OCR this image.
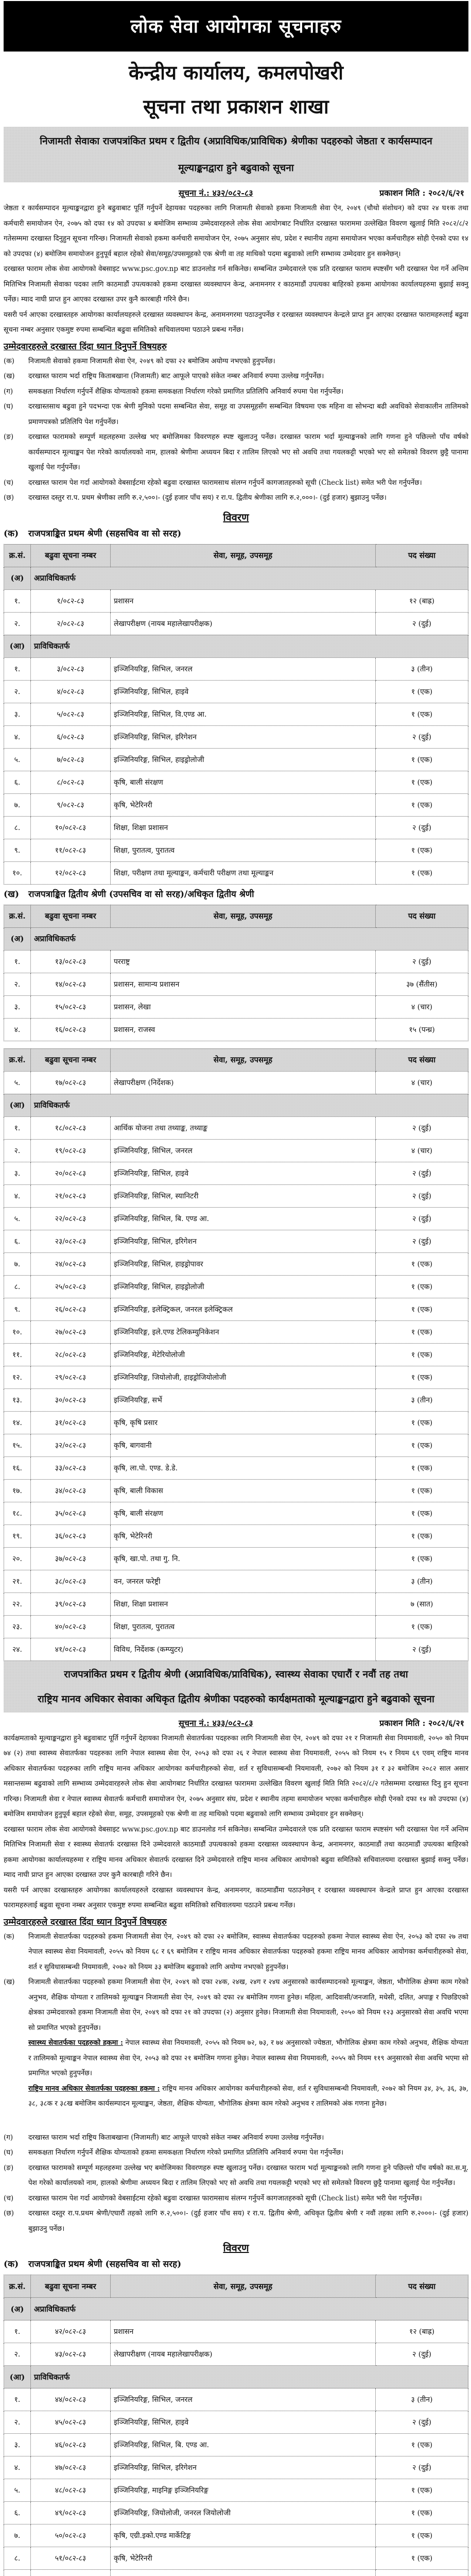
लोक सेवा आयोगका सूचनाहरु
केन्द्रीय कार्यालय, कमलपोखरी
सूचना तथा प्रकाशन शाखा
निजामती सेवाका राजपत्रांकित प्रथम र द्वितीय (अप्राविधिक/प्राविधिक) श्रेणीका पदहरुको जेष्ठता र कार्यसम्पादन
मूल्याङ्कनद्वारा हुने बढुवाको सूचना
सूचना नं.: ४३२/०८२-८३	प्रकाशन मिति : २०८२/६/२१

जेष्ठता र कार्यसम्पादन मूल्याङ्कनद्वारा हुने बढुवाबाट पूर्ति गर्नुपर्ने देहायका पदहरुका लागि निजामती सेवाको हकमा निजामती सेवा ऐन, २०४९ (चौथो संशोधन) को दफा २४ घ१क तथा कर्मचारी समायोजन ऐन, २०७५ को दफा १४ को उपदफा ४ बमोजिम सम्भाव्य उम्मेदवारहरुले लोक सेवा आयोगबाट निर्धारित दरखास्त फाराममा उल्लेखित विवरण खुलाई मिति २०८२/८/२ गतेसम्ममा दरखास्त दिनुहुन सूचना गरिन्छ। निजामती सेवाको हकमा कर्मचारी समायोजन ऐन, २०७५ अनुसार संघ, प्रदेश र स्थानीय तहमा समायोजन भएका कर्मचारीहरु सोही ऐनको दफा १४ को उपदफा (४) बमोजिम समायोजन हुनुपूर्व बहाल रहेको सेवा/समूह/उपसमूहको एक श्रेणी वा तह माथिको पदमा बढुवाको लागि सम्भाव्य उम्मेदवार हुन सक्नेछन्।

दरखास्त फाराम लोक सेवा आयोगको वेबसाइट www.psc.gov.np बाट डाउनलोड गर्न सकिनेछ। सम्बन्धित उम्मेदवारले एक प्रति दरखास्त फाराम स्पष्टसँग भरी दरखास्त पेश गर्ने अन्तिम मितिभित्र निजामती सेवाका पदका लागि काठमाडौं उपत्यकाको हकमा दरखास्त व्यवस्थापन केन्द्र, अनामनगर र काठमाडौं उपत्यका बाहिरको हकमा आयोगका कार्यालयहरुमा बुझाई सक्नु पर्नेछ। म्याद नाघी प्राप्त हुन आएका दरखास्त उपर कुनै कारबाही गरिने छैन।

यसरी पर्न आएका दरखास्तहरु आयोगका कार्यालयहरुले दरखास्त व्यवस्थापन केन्द्र, अनामनगरमा पठाउनुपर्नेछ र दरखास्त व्यवस्थापन केन्द्रले प्राप्त हुन आएका दरखास्त फारामहरुलाई बढुवा सूचना नम्बर अनुसार एकमुष्ट रुपमा सम्बन्धित बढुवा समितिको सचिवालयमा पठाउने प्रबन्ध गर्नेछ।

उम्मेदवारहरुले दरखास्त दिंदा ध्यान दिनुपर्ने विषयहरु
(क)	निजामती सेवाको हकमा निजामती सेवा ऐन, २०४९ को दफा २२ बमोजिम अयोग्य नभएको हुनुपर्नेछ।
(ख)	दरखास्त फाराम भर्दा राष्ट्रिय किताबखाना (निजामती) बाट आफूले पाएको संकेत नम्बर अनिवार्य रुपमा उल्लेख गर्नुपर्नेछ।
(ग)	समकक्षता निर्धारण गर्नुपर्ने शैक्षिक योग्यताको हकमा समकक्षता निर्धारण गरेको प्रमाणित प्रतिलिपि अनिवार्य रुपमा पेश गर्नुपर्नेछ।
(घ)	दरखास्तसाथ बढुवा हुने पदभन्दा एक श्रेणी मुनिको पदमा सम्बन्धित सेवा, समूह वा उपसमूहसँग सम्बन्धित विषयमा एक महिना वा सोभन्दा बढी अवधिको सेवाकालीन तालिमको प्रमाणपत्रको प्रतिलिपि पेश गर्नुपर्नेछ।
(ङ)	दरखास्त फारामको सम्पूर्ण महलहरुमा उल्लेख भए बमोजिमका विवरणहरु स्पष्ट खुलाउनु पर्नेछ। दरखास्त फाराम भर्दा मूल्याङ्कनको लागि गणना हुने पछिल्लो पाँच वर्षको कार्यसम्पादन मूल्याङ्कन पेश गरेको कार्यालयको नाम, हालको श्रेणीमा अध्ययन बिदा र तालिम लिएको भए सो अवधि तथा गयलकट्टी भएको भए सो समेतको विवरण छुट्टै पानामा खुलाई पेश गर्नुपर्नेछ।
(च)	दरखास्त फाराम पेश गर्दा आयोगको वेबसाईटमा रहेको बढुवा दरखास्त फारामसाथ संलग्न गर्नुपर्ने कागजातहरुको सूची (Check list) समेत भरी पेश गर्नुपर्नेछ।
(छ)	दरखास्त दस्तुर रा.प. प्रथम श्रेणीका लागि रु.२,५००।- (दुई हजार पाँच सय) र रा.प. द्वितीय श्रेणीका लागि रु.२,०००।- (दुई हजार) बुझाउनु पर्नेछ।
विवरण
(क)	राजपत्राङ्कित प्रथम श्रेणी (सहसचिव वा सो सरह)
क्र.सं.	बढुवा सूचना नम्बर	सेवा, समूह, उपसमूह	पद संख्या
(अ)	अप्राविधिकतर्फ		
१.	१/०८२-८३	प्रशासन	१२ (बाह्र)
२.	२/०८२-८३	लेखापरीक्षण (नायब महालेखापरीक्षक)	२ (दुई)
(आ)	प्राविधिकतर्फ		
१.	३/०८२-८३	इञ्जिनियरिङ्ग, सिभिल, जनरल	३ (तीन)
२.	४/०८२-८३	इञ्जिनियरिङ्ग, सिभिल, हाइवे	१ (एक)
३.	५/०८२-८३	इञ्जिनियरिङ्ग, सिभिल, वि.एण्ड आ.	१ (एक)
४.	६/०८२-८३	इञ्जिनियरिङ्ग, सिभिल, इरिगेशन	२ (दुई)
५.	७/०८२-८३	इञ्जिनियरिङ्ग, सिभिल, हाइड्रोलोजी	१ (एक)
६.	८/०८२-८३	कृषि, बाली संरक्षण	१ (एक)
७.	९/०८२-८३	कृषि, भेटेरिनरी	१ (एक)
८.	१०/०८२-८३	शिक्षा, शिक्षा प्रशासन	२ (दुई)
९.	११/०८२-८३	शिक्षा, पुरातत्व, पुरातत्व	१ (एक)
१०.	१२/०८२-८३	शिक्षा, परीक्षण तथा मूल्याङ्कन, कर्मचारी परीक्षण तथा मूल्याङ्कन	१ (एक)
(ख)	राजपत्राङ्कित द्वितीय श्रेणी (उपसचिव वा सो सरह)/अधिकृत द्वितीय श्रेणी
क्र.सं.	बढुवा सूचना नम्बर	सेवा, समूह, उपसमूह	पद संख्या
(अ)	अप्राविधिकतर्फ		
१.	१३/०८२-८३	परराष्ट्र	२ (दुई)
२.	१४/०८२-८३	प्रशासन, सामान्य प्रशासन	३७ (सैंतीस)
३.	१५/०८२-८३	प्रशासन, लेखा	४ (चार)
४.	१६/०८२-८३	प्रशासन, राजस्व	१५ (पन्ध्र)
क्र.सं.	बढुवा सूचना नम्बर	सेवा, समूह, उपसमूह	पद संख्या
५.	१७/०८२-८३	लेखापरीक्षण (निर्देशक)	४ (चार)
(आ)	प्राविधिकतर्फ		
१.	१८/०८२-८३	आर्थिक योजना तथा तथ्याङ्क, तथ्याङ्क	२ (दुई)
२.	१९/०८२-८३	इञ्जिनियरिङ्ग, सिभिल, जनरल	४ (चार)
३.	२०/०८२-८३	इञ्जिनियरिङ्ग, सिभिल, हाइवे	२ (दुई)
४.	२१/०८२-८३	इञ्जिनियरिङ्ग, सिभिल, स्यानिटरी	२ (दुई)
५.	२२/०८२-८३	इञ्जिनियरिङ्ग, सिभिल, बि. एण्ड आ.	२ (दुई)
६.	२३/०८२-८३	इञ्जिनियरिङ्ग, सिभिल, इरिगेशन	२ (दुई)
७.	२४/०८२-८३	इञ्जिनियरिङ्ग, सिभिल, हाइड्रोपावर	१ (एक)
८.	२५/०८२-८३	इञ्जिनियरिङ्ग, सिभिल, हाइड्रोलोजी	१ (एक)
९.	२६/०८२-८३	इञ्जिनियरिङ्ग, इलेक्ट्रिकल, जनरल इलेक्ट्रिकल	१ (एक)
१०.	२७/०८२-८३	इञ्जिनियरिङ्ग, इले.एण्ड टेलिकम्युनिकेशन	१ (एक)
११.	२८/०८२-८३	इञ्जिनियरिङ्ग, मेटेरियोलोजी	१ (एक)
१२.	२९/०८२-८३	इञ्जिनियरिङ्ग, जियोलोजी, हाइड्रोजियोलोजी	१ (एक)
१३.	३०/०८२-८३	इञ्जिनियरिङ्ग, सर्भे	३ (तीन)
१४.	३१/०८२-८३	कृषि, कृषि प्रसार	१ (एक)
१५.	३२/०८२-८३	कृषि, बागवानी	१ (एक)
१६.	३३/०८२-८३	कृषि, ला.पो. एण्ड. डे.डे.	१ (एक)
१७.	३४/०८२-८३	कृषि, बाली विकास	१ (एक)
१८.	३५/०८२-८३	कृषि, बाली संरक्षण	१ (एक)
१९.	३६/०८२-८३	कृषि, भेटेरिनरी	१ (एक)
२०.	३७/०८२-८३	कृषि, खा.पो. तथा गु. नि.	१ (एक)
२१.	३८/०८२-८३	वन, जनरल फरेष्ट्री	३ (तीन)
२२.	३९/०८२-८३	शिक्षा, शिक्षा प्रशासन	७ (सात)
२३.	४०/०८२-८३	शिक्षा, पुरातत्व, पुरातत्व	१ (एक)
२४.	४१/०८२-८३	विविध, निर्देशक (कम्प्युटर)	२ (दुई)
राजपत्रांकित प्रथम र द्वितीय श्रेणी (अप्राविधिक/प्राविधिक), स्वास्थ्य सेवाका एघारौं र नवौं तह तथा
राष्ट्रिय मानव अधिकार सेवाका अधिकृत द्वितीय श्रेणीका पदहरुको कार्यक्षमताको मूल्याङ्कनद्वारा हुने बढुवाको सूचना
सूचना नं.: ४३३/०८२-८३	प्रकाशन मिति : २०८२/६/२१

कार्यक्षमताको मूल्याङ्कनद्वारा हुने बढुवाबाट पूर्ति गर्नुपर्ने देहायका निजामती सेवातर्फका पदहरुका लागि निजामती सेवा ऐन, २०४९ को दफा २१ र निजामती सेवा नियमावली, २०५० को नियम ७४ (२) तथा स्वास्थ्य सेवातर्फका पदहरुका लागि नेपाल स्वास्थ्य सेवा ऐन, २०५३ को दफा २६ र नेपाल स्वास्थ्य सेवा नियमावली, २०५५ को नियम १५ र नियम ६९ एवम् राष्ट्रिय मानव अधिकार सेवातर्फका पदहरुका लागि राष्ट्रिय मानव अधिकार आयोगका कर्मचारीहरुको सेवा, शर्त र सुविधासम्बन्धी नियमावली, २०७२ को नियम ३१ र ३२ बमोजिम २०८२ साल असार मसान्तसम्म बढुवाको लागि सम्भाव्य उम्मेदवारहरुले लोक सेवा आयोगबाट निर्धारित दरखास्त फाराममा उल्लेखित विवरण खुलाई मिति मिति २०८२/८/२ गतेसम्ममा दरखास्त दिनु हुन सूचना गरिन्छ। निजामती सेवा र नेपाल स्वास्थ्य सेवातर्फ कर्मचारी समायोजन ऐन, २०७५ अनुसार संघ, प्रदेश र स्थानीय तहमा समायोजन भएका कर्मचारीहरु सोही ऐनको दफा १४ को उपदफा (४) बमोजिम समायोजन हुनुपूर्व बहाल रहेको सेवा, समूह, उपसमूहको एक श्रेणी वा तह माथिको पदमा बढुवाको लागि सम्भाव्य उम्मेदवार हुन सक्नेछन्।

दरखास्त फाराम लोक सेवा आयोगको वेबसाइट www.psc.gov.np बाट डाउनलोड गर्न सकिनेछ। सम्बन्धित उम्मेदवारले एक प्रति दरखास्त फाराम स्पष्टसंग भरी दरखास्त पेश गर्ने अन्तिम मितिभित्र निजामती सेवा र स्वास्थ्य सेवातर्फ दरखास्त दिने उम्मेदवारले काठमाडौं उपत्यकाको हकमा दरखास्त व्यवस्थापन केन्द्र, अनामनगर, काठमाडौं तथा काठमाडौं उपत्यका बाहिरको हकमा आयोगका कार्यालयहरुमा र राष्ट्रिय मानव अधिकार सेवातर्फ दरखास्त दिने उम्मेदवारले राष्ट्रिय मानव अधिकार आयोगको बढुवा समितिको सचिवालयमा दरखास्त बुझाई सक्नु पर्नेछ। म्याद नाघी प्राप्त हुन आएका दरखास्त उपर कुनै कारबाही गरिने छैन।

यसरी पर्न आएका दरखास्तहरु आयोगका कार्यालयहरुले दरखास्त व्यवस्थापन केन्द्र, अनामनगर, काठमाडौंमा पठाउनेछन् र दरखास्त व्यवस्थापन केन्द्रले प्राप्त हुन आएका दरखास्त फारामहरुलाई बढुवा सूचना नम्बर अनुसार एकमुष्ट रुपमा सम्बन्धित बढुवा समितिको सचिवालयमा पठाउने प्रबन्ध गर्नेछ।

उम्मेदवारहरुले दरखास्त दिंदा ध्यान दिनुपर्ने विषयहरु
(क)	निजामती सेवातर्फका पदहरुको हकमा निजामती सेवा ऐन, २०४९ को दफा २२ बमोजिम, स्वास्थ्य सेवातर्फका पदहरुको हकमा नेपाल स्वास्थ्य सेवा ऐन, २०५३ को दफा २७ तथा नेपाल स्वास्थ्य सेवा नियमावली, २०५५ को नियम ६८ र ६९ बमोजिम र राष्ट्रिय मानव अधिकार सेवातर्फका पदहरुको हकमा राष्ट्रिय मानव अधिकार आयोगका कर्मचारीहरुको सेवा, शर्त र सुविधासम्बन्धी नियमावली, २०७२ को नियम ३३ बमोजिम बढुवाको लागि अयोग्य नभएको हुनुपर्नेछ।
(ख)	निजामती सेवातर्फका पदहरुको हकमा निजामती सेवा ऐन, २०४९ को दफा २४क, २४ख, २४ग र २४घ अनुसारको कार्यसम्पादनको मूल्याङ्कन, जेष्ठता, भौगोलिक क्षेत्रमा काम गरेको अनुभव, शैक्षिक योग्यता र तालिमको मूल्याङ्कन निजामती सेवा ऐन, २०४९ को दफा २४ बमोजिम गणना हुनेछ। महिला, आदिवासी/जनजाति, मधेसी, दलित, अपाङ्ग र पिछडिएको क्षेत्रका उम्मेदवारको हकमा निजामती सेवा ऐन, २०४९ को दफा २१ को उपदफा (२) अनुसार हुनेछ। निजामती सेवा नियमावली, २०५० को नियम १२३ अनुसारको सेवा अवधि भएमा सो प्रमाणित भएको हुनुपर्नेछ।
स्वास्थ्य सेवातर्फका पदहरुको हकमा : नेपाल स्वास्थ्य सेवा नियमावली, २०५५ को नियम ७२, ७३, र ७४ अनुसारको ज्येष्ठता, भौगोलिक क्षेत्रमा काम गरेको अनुभव, शैक्षिक योग्यता र तालिमको मूल्याङ्कन नेपाल स्वास्थ्य सेवा ऐन, २०५३ को दफा २१ बमोजिम गणना हुनेछ। नेपाल स्वास्थ्य सेवा नियमावली, २०५५ को नियम ११९ अनुसारको सेवा अवधि भएमा सो प्रमाणित भएको हुनुपर्नेछ।
राष्ट्रिय मानव अधिकार सेवातर्फका पदहरुका हकमा : राष्ट्रिय मानव अधिकार आयोगका कर्मचारीहरुको सेवा, शर्त र सुविधासम्बन्धी नियमावली, २०७२ को नियम ३४, ३५, ३६, ३७, ३८, ३८क र ३८ख बमोजिम कार्यसम्पादन मूल्याङ्कन, जेष्ठता, शैक्षिक योग्यता, भौगोलिक क्षेत्रमा काम गरेको अनुभव र तालिमको अंक गणना हुनेछ।
(ग)	दरखास्त फाराम भर्दा राष्ट्रिय किताबखाना (निजामती) बाट आफूले पाएको संकेत नम्बर अनिवार्य रुपमा उल्लेख गर्नुपर्नेछ।
(घ)	समकक्षता निर्धारण गर्नुपर्ने शैक्षिक योग्यताको हकमा समकक्षता निर्धारण गरेको प्रमाणित प्रतिलिपि अनिवार्य रुपमा पेश गर्नुपर्नेछ।
(ङ)	दरखास्त फारामको सम्पूर्ण महलहरुमा उल्लेख भए बमोजिमका विवरणहरु स्पष्ट खुलाउनु पर्नेछ। दरखास्त फाराम भर्दा मूल्याङ्कनको लागि गणना हुने पछिल्लो पाँच वर्षको का.स.मू. पेश गरेको कार्यालयको नाम, हालको श्रेणीमा अध्ययन बिदा र तालिम लिएको भए सो अवधि तथा गयलकट्टी भएको भए सो समेतको विवरण छुट्टै पानामा खुलाई पेश गर्नुपर्नेछ।
(च)	दरखास्त फाराम पेश गर्दा आयोगको वेबसाईटमा रहेको बढुवा दरखास्त फारामसाथ संलग्न गर्नुपर्ने कागजातहरुको सूची (Check list) समेत भरी पेश गर्नुपर्नेछ।
(छ)	दरखास्त दस्तुर रा.प.प्रथम श्रेणी/एघारौं तहको लागि रु.२,५००।- (दुई हजार पाँच सय) र रा.प. द्वितीय श्रेणी, अधिकृत द्वितीय श्रेणी र नवौं तहका लागि रु.२०००।- (दुई हजार) बुझाउनु पर्नेछ।
विवरण
(क)	राजपत्राङ्कित प्रथम श्रेणी (सहसचिव वा सो सरह)
क्र.सं.	बढुवा सूचना नम्बर	सेवा, समूह, उपसमूह	पद संख्या
(अ)	अप्राविधिकतर्फ		
१.	४२/०८२-८३	प्रशासन	१२ (बाह्र)
२.	४३/०८२-८३	लेखापरीक्षण (नायब महालेखापरीक्षक)	२ (दुई)
(आ)	प्राविधिकतर्फ		
१.	४४/०८२-८३	इञ्जिनियरिङ्ग, सिभिल, जनरल	३ (तीन)
२.	४५/०८२-८३	इञ्जिनियरिङ्ग, सिभिल, हाइवे	२ (दुई)
३.	४६/०८२-८३	इञ्जिनियरिङ्ग, सिभिल, बि. एण्ड आ.	१ (एक)
४.	४७/०८२-८३	इञ्जिनियरिङ्ग, सिभिल, इरिगेशन	२ (दुई)
५.	४८/०८२-८३	इञ्जिनियरिङ्ग, माइनिङ्ग इञ्जिनियरिङ्ग	१ (एक)
६.	४९/०८२-८३	इञ्जिनियरिङ्ग, जियोलोजी, जनरल जियोलोजी	१ (एक)
७.	५०/०८२-८३	कृषि, एग्री.इको.एण्ड मार्केटिङ्ग	१ (एक)
८.	५१/०८२-८३	कृषि, भेटेरिनरी	१ (एक)
